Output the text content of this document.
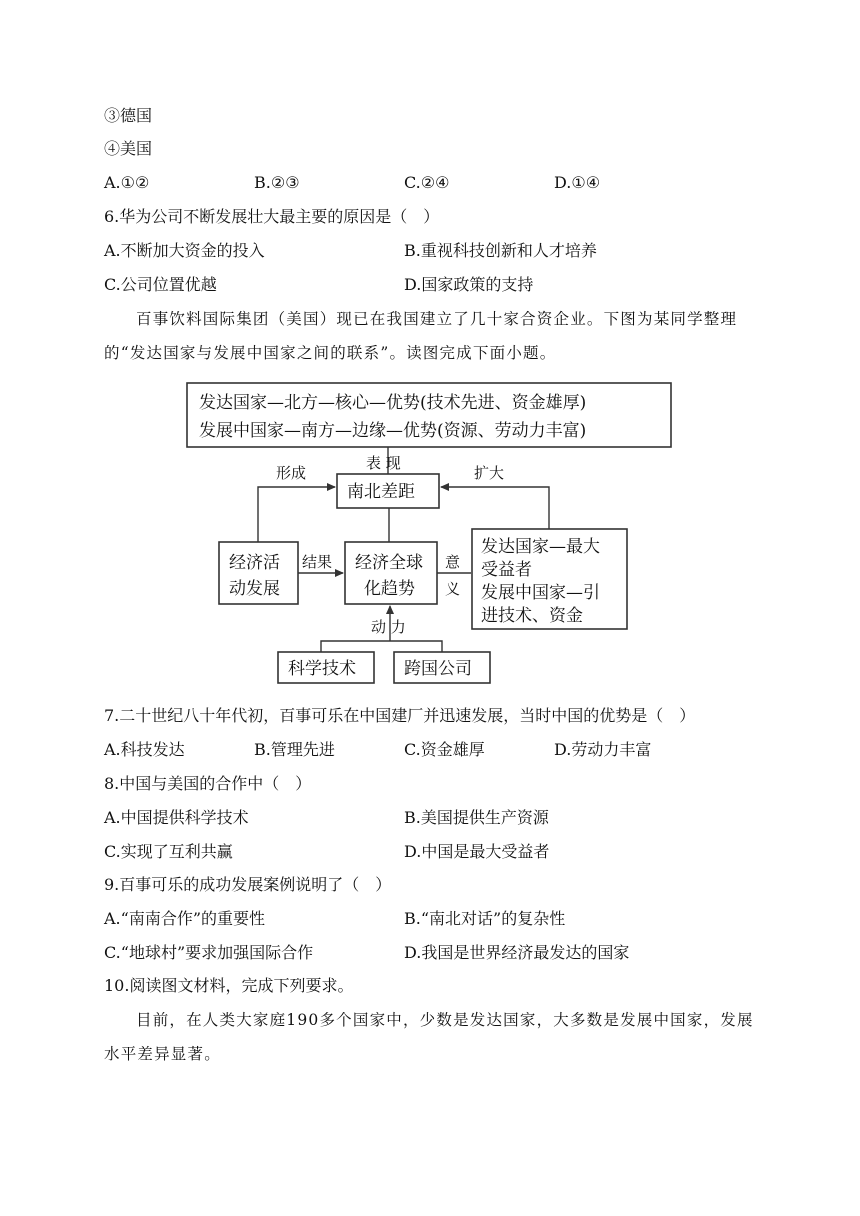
③德国
④美国
A.①②	B.②③	C.②④	D.①④
6.华为公司不断发展壮大最主要的原因是（　）
A.不断加大资金的投入	B.重视科技创新和人才培养
C.公司位置优越	D.国家政策的支持
百事饮料国际集团（美国）现已在我国建立了几十家合资企业。下图为某同学整理的“发达国家与发展中国家之间的联系”。读图完成下面小题。
发达国家—北方—核心—优势(技术先进、资金雄厚)
发展中国家—南方—边缘—优势(资源、劳动力丰富)
表 现
南北差距
形成	扩大
经济活
动发展
结果 经济全球
化趋势
意
义
发达国家—最大
受益者
发展中国家—引
进技术、资金
动 力
科学技术	跨国公司
7.二十世纪八十年代初，百事可乐在中国建厂并迅速发展，当时中国的优势是（　）
A.科技发达	B.管理先进	C.资金雄厚	D.劳动力丰富
8.中国与美国的合作中（　）
A.中国提供科学技术	B.美国提供生产资源
C.实现了互利共赢	D.中国是最大受益者
9.百事可乐的成功发展案例说明了（　）
A.“南南合作”的重要性	B.“南北对话”的复杂性
C.“地球村”要求加强国际合作	D.我国是世界经济最发达的国家
10.阅读图文材料，完成下列要求。
目前，在人类大家庭190多个国家中，少数是发达国家，大多数是发展中国家，发展水平差异显著。
